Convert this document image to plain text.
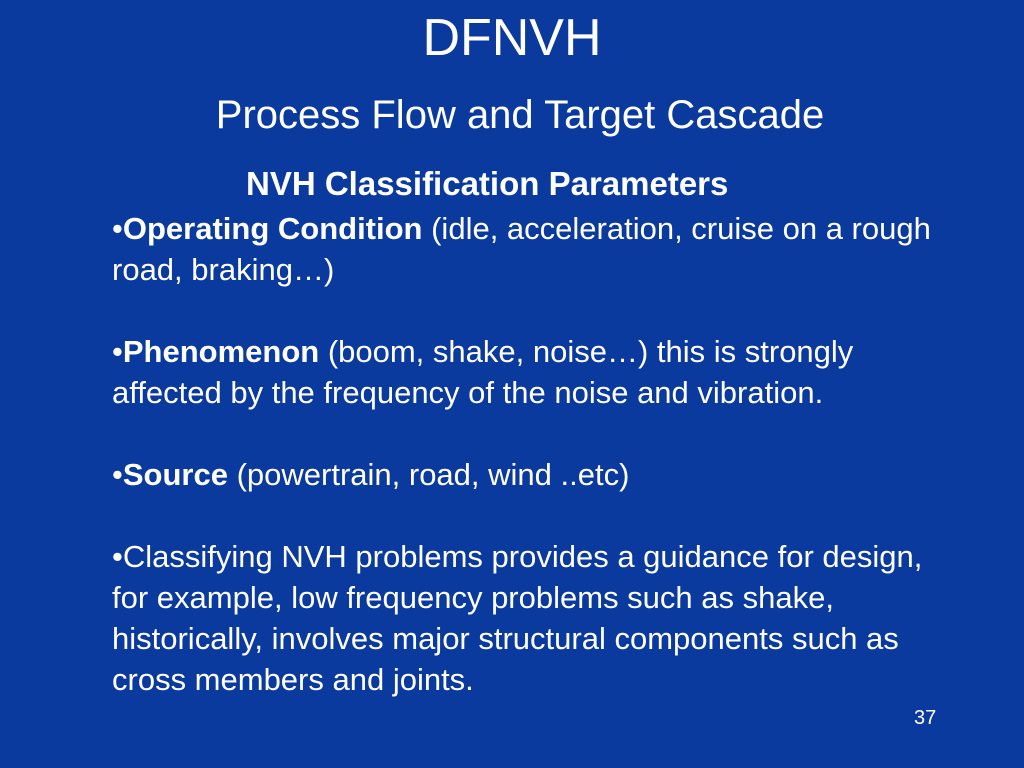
DFNVH
Process Flow and Target Cascade
NVH Classification Parameters

•Operating Condition (idle, acceleration, cruise on a rough road, braking…)

•Phenomenon (boom, shake, noise…) this is strongly affected by the frequency of the noise and vibration.

•Source (powertrain, road, wind ..etc)

•Classifying NVH problems provides a guidance for design, for example, low frequency problems such as shake, historically, involves major structural components such as cross members and joints.

37
